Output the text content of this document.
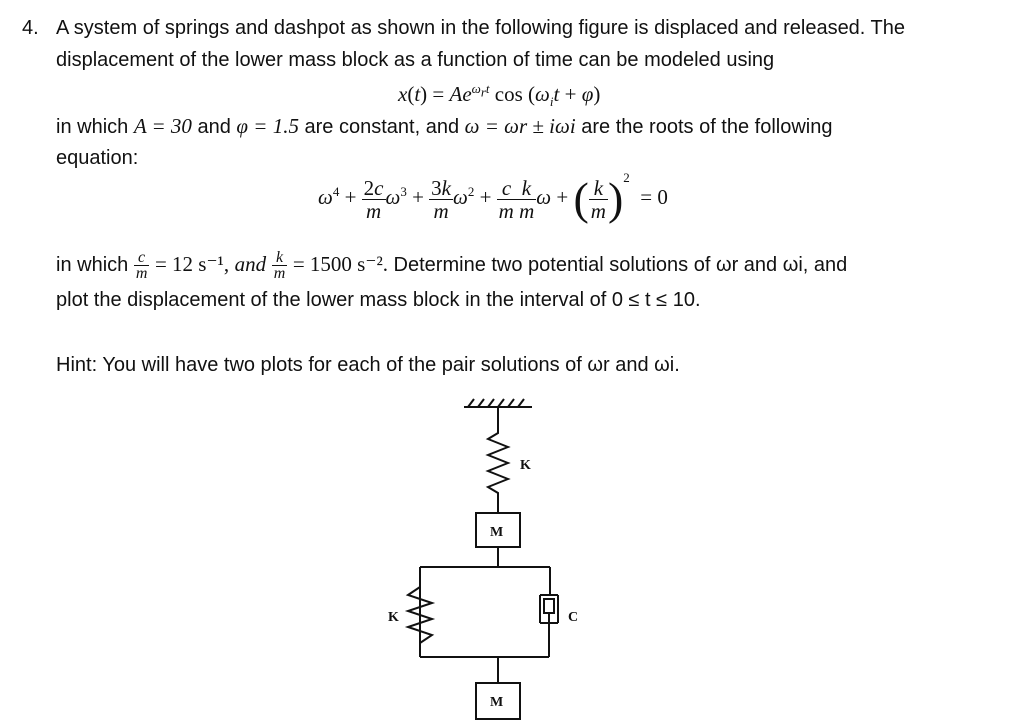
4. A system of springs and dashpot as shown in the following figure is displaced and released. The
displacement of the lower mass block as a function of time can be modeled using
$x(t) = Ae^{\omega_rt}$ $\cos (\omega_it + \varphi)$
in which A = 30 and φ = 1.5 are constant, and ω = ωr ± iωi are the roots of the following
equation:
$\omega^4 + \frac{2c}{m} \omega^3 + \frac{3k}{m} \omega^2 + \frac{\text{c  k}}{\text{m m}}$ ω + ( $\frac{k}{m} )^2 = 0$
in which $\frac{c}{m} = 12$ s⁻¹, and $\frac{k}{m} = 1500$ s⁻². Determine two potential solutions of ωr and ωi, and
plot the displacement of the lower mass block in the interval of 0 ≤ t ≤ 10.
Hint: You will have two plots for each of the pair solutions of ωr and ωi.
K
M
K	C
M
